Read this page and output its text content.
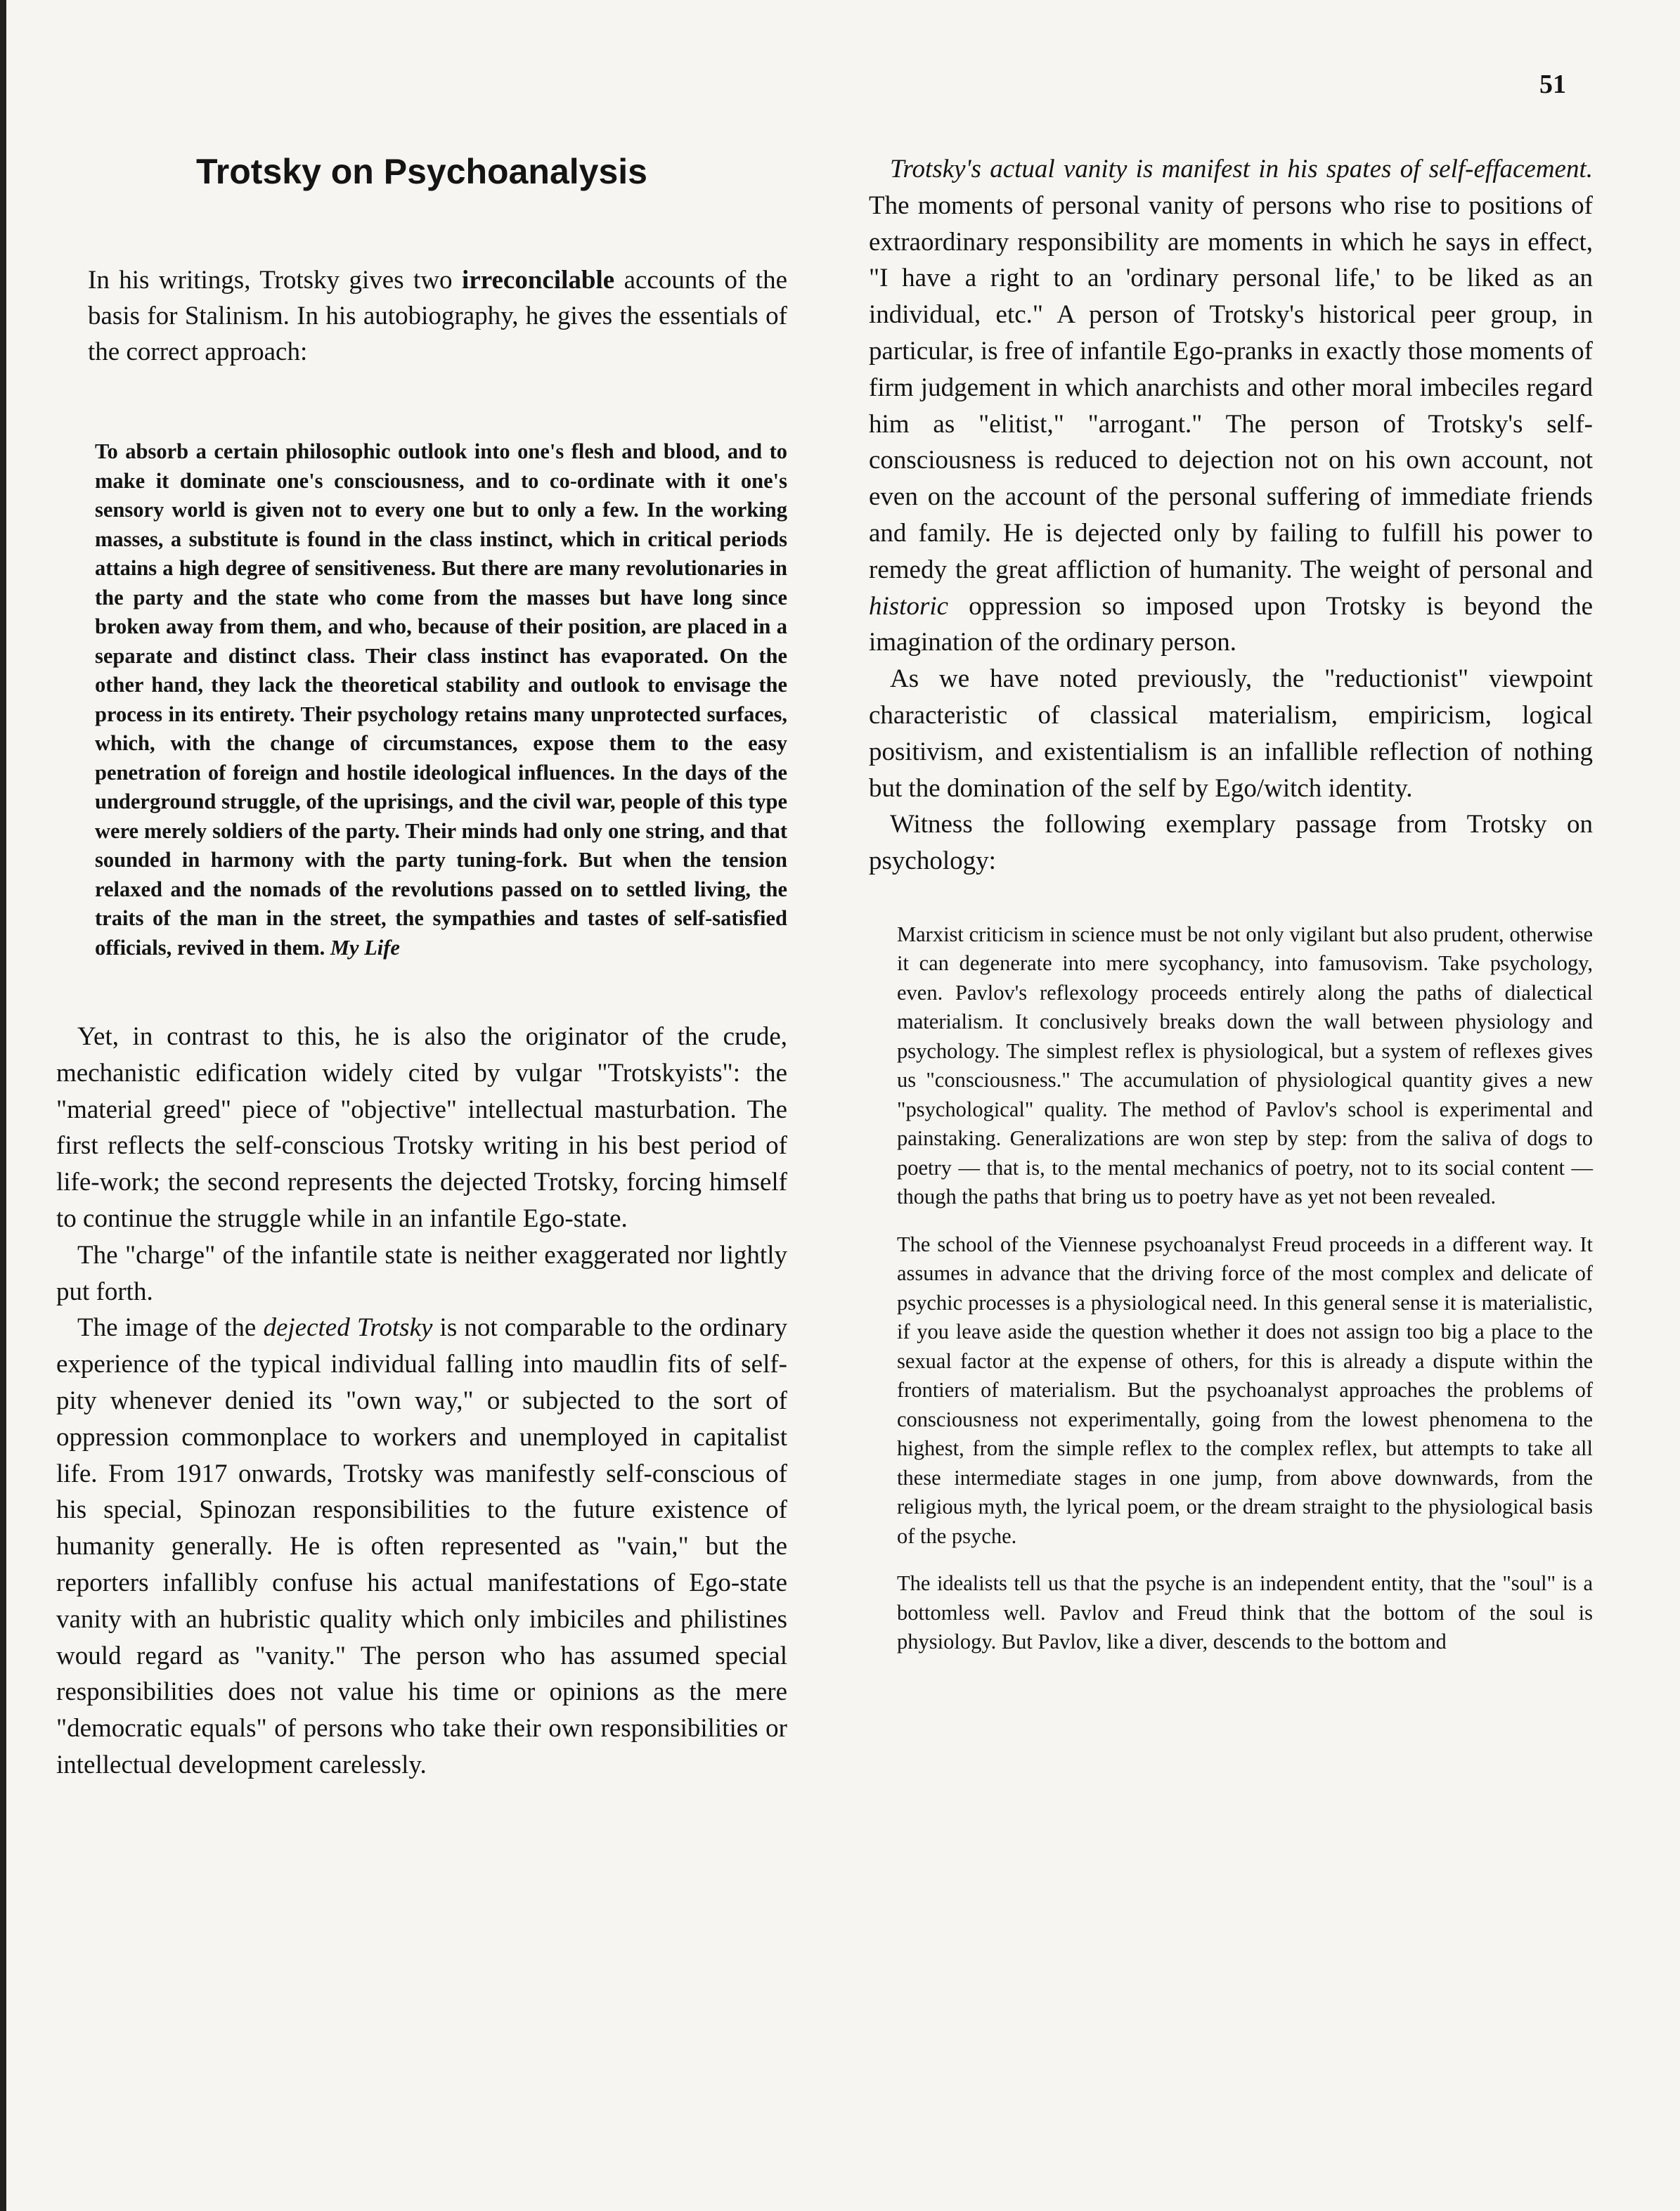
51
Trotsky on Psychoanalysis

In his writings, Trotsky gives two irreconcilable accounts of the basis for Stalinism. In his autobiography, he gives the essentials of the correct approach:

To absorb a certain philosophic outlook into one's flesh and blood, and to make it dominate one's consciousness, and to co-ordinate with it one's sensory world is given not to every one but to only a few. In the working masses, a substitute is found in the class instinct, which in critical periods attains a high degree of sensitiveness. But there are many revolutionaries in the party and the state who come from the masses but have long since broken away from them, and who, because of their position, are placed in a separate and distinct class. Their class instinct has evaporated. On the other hand, they lack the theoretical stability and outlook to envisage the process in its entirety. Their psychology retains many unprotected surfaces, which, with the change of circumstances, expose them to the easy penetration of foreign and hostile ideological influences. In the days of the underground struggle, of the uprisings, and the civil war, people of this type were merely soldiers of the party. Their minds had only one string, and that sounded in harmony with the party tuning-fork. But when the tension relaxed and the nomads of the revolutions passed on to settled living, the traits of the man in the street, the sympathies and tastes of self-satisfied officials, revived in them. My Life

Yet, in contrast to this, he is also the originator of the crude, mechanistic edification widely cited by vulgar "Trotskyists": the "material greed" piece of "objective" intellectual masturbation. The first reflects the self-conscious Trotsky writing in his best period of life-work; the second represents the dejected Trotsky, forcing himself to continue the struggle while in an infantile Ego-state.

The "charge" of the infantile state is neither exaggerated nor lightly put forth.

The image of the dejected Trotsky is not comparable to the ordinary experience of the typical individual falling into maudlin fits of self-pity whenever denied its "own way," or subjected to the sort of oppression commonplace to workers and unemployed in capitalist life. From 1917 onwards, Trotsky was manifestly self-conscious of his special, Spinozan responsibilities to the future existence of humanity generally. He is often represented as "vain," but the reporters infallibly confuse his actual manifestations of Ego-state vanity with an hubristic quality which only imbiciles and philistines would regard as "vanity." The person who has assumed special responsibilities does not value his time or opinions as the mere "democratic equals" of persons who take their own responsibilities or intellectual development carelessly.

Trotsky's actual vanity is manifest in his spates of self-effacement. The moments of personal vanity of persons who rise to positions of extraordinary responsibility are moments in which he says in effect, "I have a right to an 'ordinary personal life,' to be liked as an individual, etc." A person of Trotsky's historical peer group, in particular, is free of infantile Ego-pranks in exactly those moments of firm judgement in which anarchists and other moral imbeciles regard him as "elitist," "arrogant." The person of Trotsky's self-consciousness is reduced to dejection not on his own account, not even on the account of the personal suffering of immediate friends and family. He is dejected only by failing to fulfill his power to remedy the great affliction of humanity. The weight of personal and historic oppression so imposed upon Trotsky is beyond the imagination of the ordinary person.

As we have noted previously, the "reductionist" viewpoint characteristic of classical materialism, empiricism, logical positivism, and existentialism is an infallible reflection of nothing but the domination of the self by Ego/witch identity.

Witness the following exemplary passage from Trotsky on psychology:

Marxist criticism in science must be not only vigilant but also prudent, otherwise it can degenerate into mere sycophancy, into famusovism. Take psychology, even. Pavlov's reflexology proceeds entirely along the paths of dialectical materialism. It conclusively breaks down the wall between physiology and psychology. The simplest reflex is physiological, but a system of reflexes gives us "consciousness." The accumulation of physiological quantity gives a new "psychological" quality. The method of Pavlov's school is experimental and painstaking. Generalizations are won step by step: from the saliva of dogs to poetry — that is, to the mental mechanics of poetry, not to its social content — though the paths that bring us to poetry have as yet not been revealed.

The school of the Viennese psychoanalyst Freud proceeds in a different way. It assumes in advance that the driving force of the most complex and delicate of psychic processes is a physiological need. In this general sense it is materialistic, if you leave aside the question whether it does not assign too big a place to the sexual factor at the expense of others, for this is already a dispute within the frontiers of materialism. But the psychoanalyst approaches the problems of consciousness not experimentally, going from the lowest phenomena to the highest, from the simple reflex to the complex reflex, but attempts to take all these intermediate stages in one jump, from above downwards, from the religious myth, the lyrical poem, or the dream straight to the physiological basis of the psyche.

The idealists tell us that the psyche is an independent entity, that the "soul" is a bottomless well. Pavlov and Freud think that the bottom of the soul is physiology. But Pavlov, like a diver, descends to the bottom and
